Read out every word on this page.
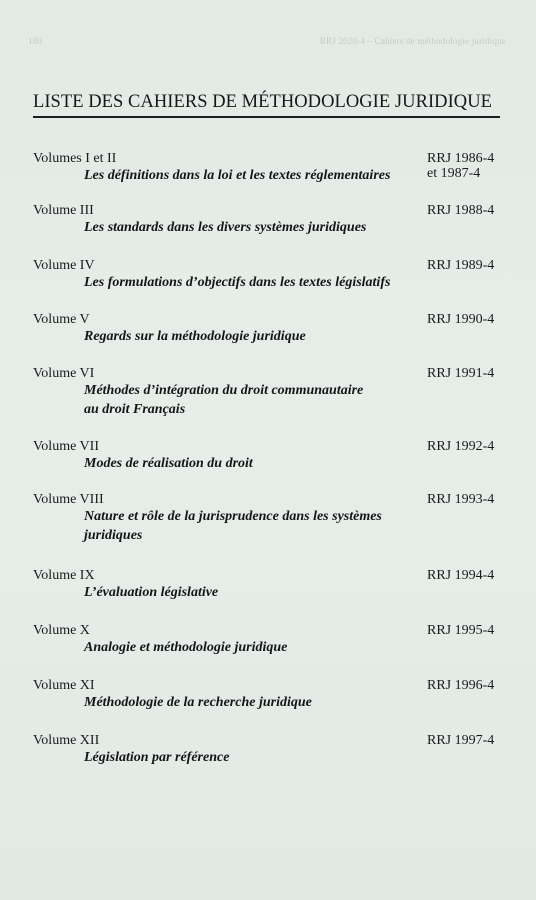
180	RRJ 2020-4 – Cahiers de méthodologie juridique
LISTE DES CAHIERS DE MÉTHODOLOGIE JURIDIQUE
Volumes I et II	RRJ 1986-4
et 1987-4
Les définitions dans la loi et les textes réglementaires
Volume III	RRJ 1988-4
Les standards dans les divers systèmes juridiques
Volume IV	RRJ 1989-4
Les formulations d’objectifs dans les textes législatifs
Volume V	RRJ 1990-4
Regards sur la méthodologie juridique
Volume VI	RRJ 1991-4
Méthodes d’intégration du droit communautaire au droit Français
Volume VII	RRJ 1992-4
Modes de réalisation du droit
Volume VIII	RRJ 1993-4
Nature et rôle de la jurisprudence dans les systèmes juridiques
Volume IX	RRJ 1994-4
L’évaluation législative
Volume X	RRJ 1995-4
Analogie et méthodologie juridique
Volume XI	RRJ 1996-4
Méthodologie de la recherche juridique
Volume XII	RRJ 1997-4
Législation par référence
